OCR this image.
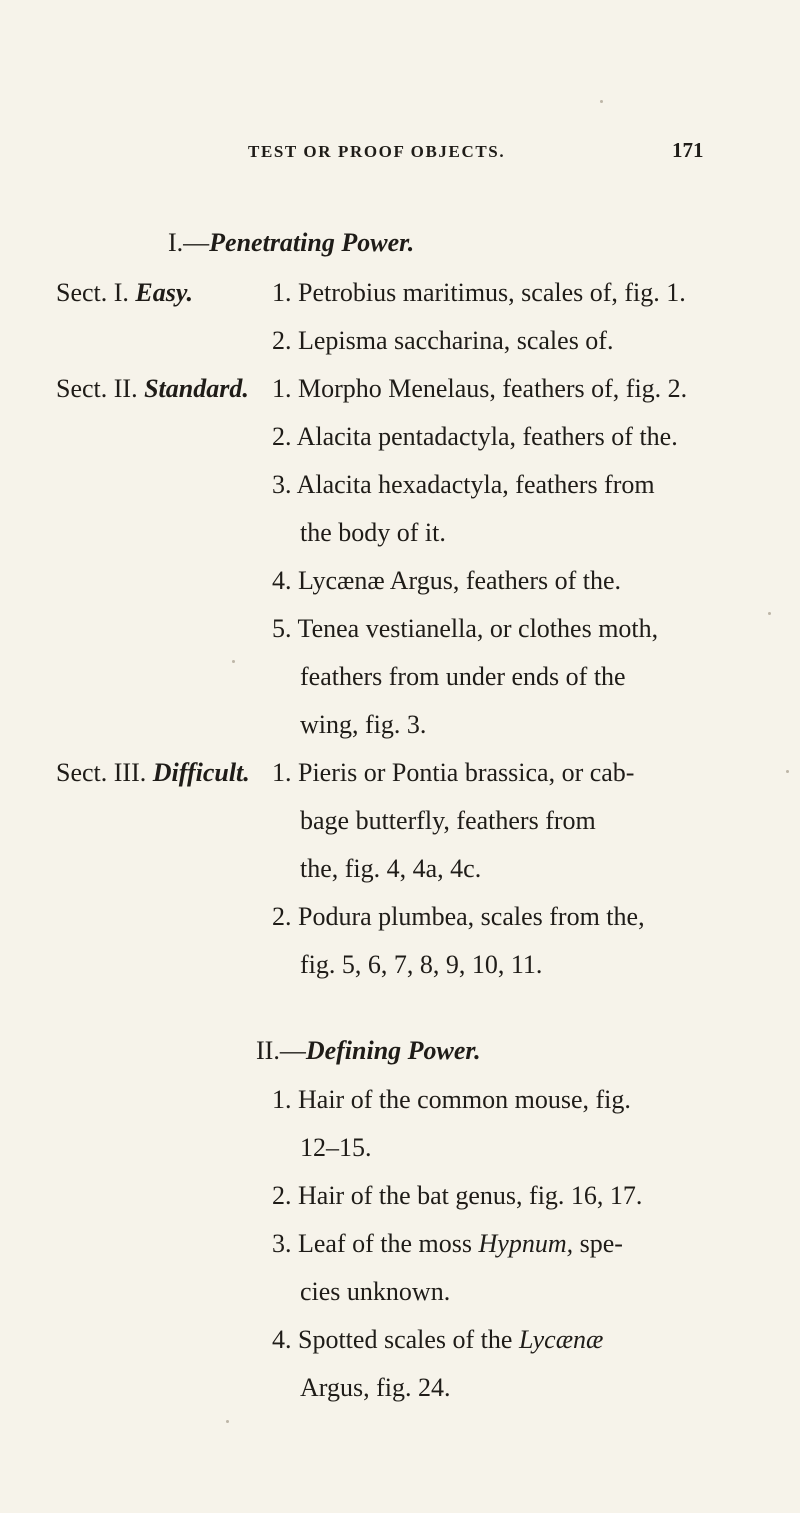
TEST OR PROOF OBJECTS.	171
I.—Penetrating Power.
Sect. I. Easy.	1. Petrobius maritimus, scales of, fig. 1.
2. Lepisma saccharina, scales of.
Sect. II. Standard. 1. Morpho Menelaus, feathers of, fig. 2.
2. Alacita pentadactyla, feathers of the.
3. Alacita hexadactyla, feathers from
the body of it.
4. Lycænæ Argus, feathers of the.
5. Tenea vestianella, or clothes moth,
feathers from under ends of the
wing, fig. 3.
Sect. III. Difficult. 1. Pieris or Pontia brassica, or cab-
bage butterfly, feathers from
the, fig. 4, 4a, 4c.
2. Podura plumbea, scales from the,
fig. 5, 6, 7, 8, 9, 10, 11.
II.—Defining Power.
1. Hair of the common mouse, fig.
12–15.
2. Hair of the bat genus, fig. 16, 17.
3. Leaf of the moss Hypnum, spe-
cies unknown.
4. Spotted scales of the Lycænæ
Argus, fig. 24.
